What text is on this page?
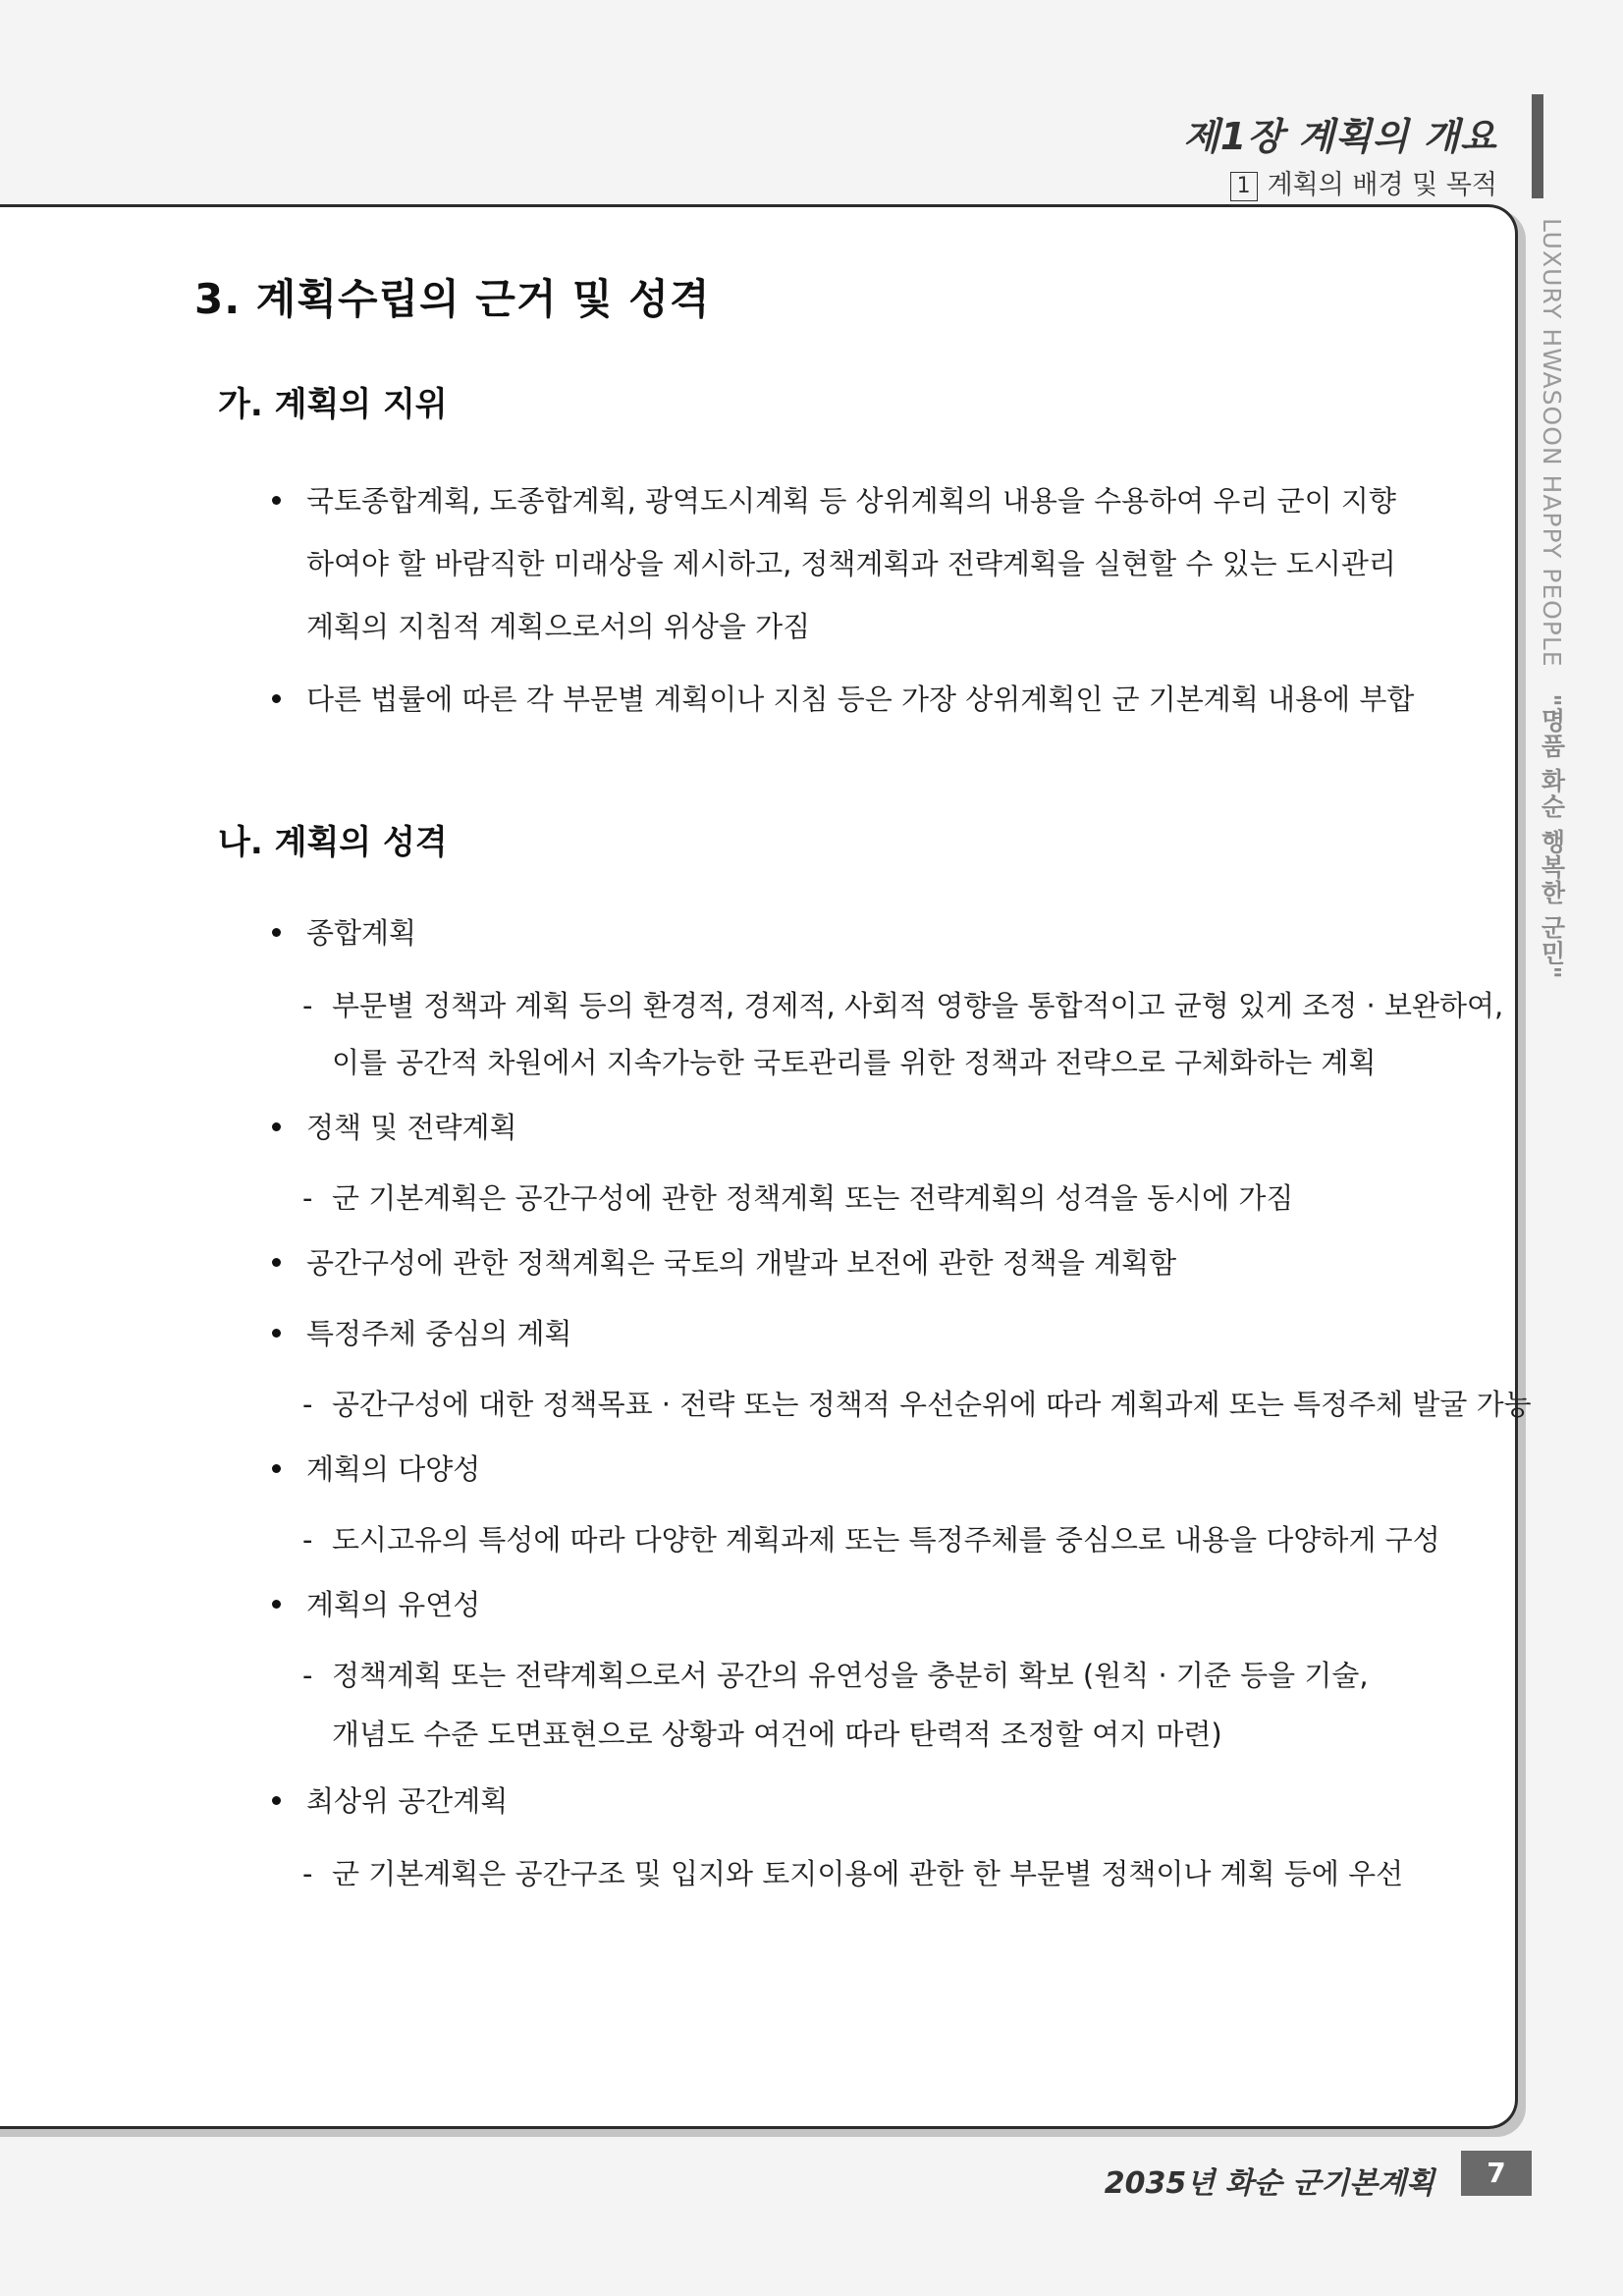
제1장 계획의 개요
1 계획의 배경 및 목적
LUXURY HWASOON HAPPY PEOPLE   "명품 화순 행복한 군민"
3. 계획수립의 근거 및 성격
가. 계획의 지위
국토종합계획, 도종합계획, 광역도시계획 등 상위계획의 내용을 수용하여 우리 군이 지향
하여야 할 바람직한 미래상을 제시하고, 정책계획과 전략계획을 실현할 수 있는 도시관리
계획의 지침적 계획으로서의 위상을 가짐
다른 법률에 따른 각 부문별 계획이나 지침 등은 가장 상위계획인 군 기본계획 내용에 부합
나. 계획의 성격
종합계획
- 부문별 정책과 계획 등의 환경적, 경제적, 사회적 영향을 통합적이고 균형 있게 조정 · 보완하여,
이를 공간적 차원에서 지속가능한 국토관리를 위한 정책과 전략으로 구체화하는 계획
정책 및 전략계획
- 군 기본계획은 공간구성에 관한 정책계획 또는 전략계획의 성격을 동시에 가짐
공간구성에 관한 정책계획은 국토의 개발과 보전에 관한 정책을 계획함
특정주체 중심의 계획
- 공간구성에 대한 정책목표 · 전략 또는 정책적 우선순위에 따라 계획과제 또는 특정주체 발굴 가능
계획의 다양성
- 도시고유의 특성에 따라 다양한 계획과제 또는 특정주체를 중심으로 내용을 다양하게 구성
계획의 유연성
- 정책계획 또는 전략계획으로서 공간의 유연성을 충분히 확보 (원칙 · 기준 등을 기술,
개념도 수준 도면표현으로 상황과 여건에 따라 탄력적 조정할 여지 마련)
최상위 공간계획
- 군 기본계획은 공간구조 및 입지와 토지이용에 관한 한 부문별 정책이나 계획 등에 우선
2035년 화순 군기본계획	7
